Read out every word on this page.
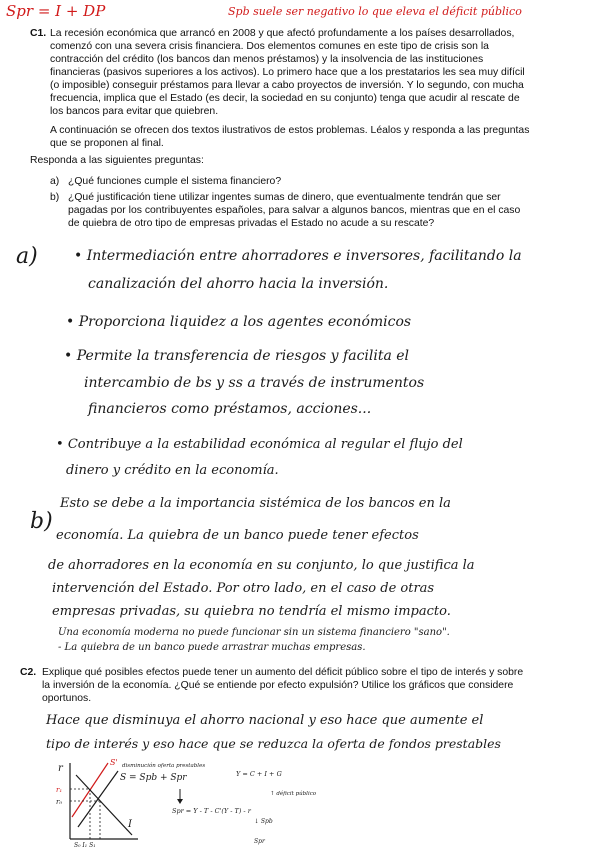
Spr = I + DP	Spb suele ser negativo lo que eleva el déficit público
C1. La recesión económica que arrancó en 2008 y que afectó profundamente a los países desarrollados,
comenzó con una severa crisis financiera. Dos elementos comunes en este tipo de crisis son la
contracción del crédito (los bancos dan menos préstamos) y la insolvencia de las instituciones
financieras (pasivos superiores a los activos). Lo primero hace que a los prestatarios les sea muy difícil
(o imposible) conseguir préstamos para llevar a cabo proyectos de inversión. Y lo segundo, con mucha
frecuencia, implica que el Estado (es decir, la sociedad en su conjunto) tenga que acudir al rescate de
los bancos para evitar que quiebren.
A continuación se ofrecen dos textos ilustrativos de estos problemas. Léalos y responda a las preguntas
que se proponen al final.
Responda a las siguientes preguntas:
a) ¿Qué funciones cumple el sistema financiero?
b) ¿Qué justificación tiene utilizar ingentes sumas de dinero, que eventualmente tendrán que ser
pagadas por los contribuyentes españoles, para salvar a algunos bancos, mientras que en el caso
de quiebra de otro tipo de empresas privadas el Estado no acude a su rescate?
a)	• Intermediación entre ahorradores e inversores, facilitando la
canalización del ahorro hacia la inversión.
• Proporciona liquidez a los agentes económicos
• Permite la transferencia de riesgos y facilita el
intercambio de bs y ss a través de instrumentos
financieros como préstamos, acciones...
• Contribuye a la estabilidad económica al regular el flujo del
dinero y crédito en la economía.
b)
Esto se debe a la importancia sistémica de los bancos en la
economía. La quiebra de un banco puede tener efectos
de ahorradores en la economía en su conjunto, lo que justifica la
intervención del Estado. Por otro lado, en el caso de otras
empresas privadas, su quiebra no tendría el mismo impacto.
Una economía moderna no puede funcionar sin un sistema financiero "sano".
- La quiebra de un banco puede arrastrar muchas empresas.
C2. Explique qué posibles efectos puede tener un aumento del déficit público sobre el tipo de interés y sobre
la inversión de la economía. ¿Qué se entiende por efecto expulsión? Utilice los gráficos que considere
oportunos.
Hace que disminuya el ahorro nacional y eso hace que aumente el
tipo de interés y eso hace que se reduzca la oferta de fondos prestables
r
I
r₁
r₀
S'
S = Spb + Spr
disminución oferta prestables
Y = C + I + G
Spr = Y - T - C'(Y - T) - r
↑ déficit público
↓ Spb
Spr
S₀ I₁ S₁
